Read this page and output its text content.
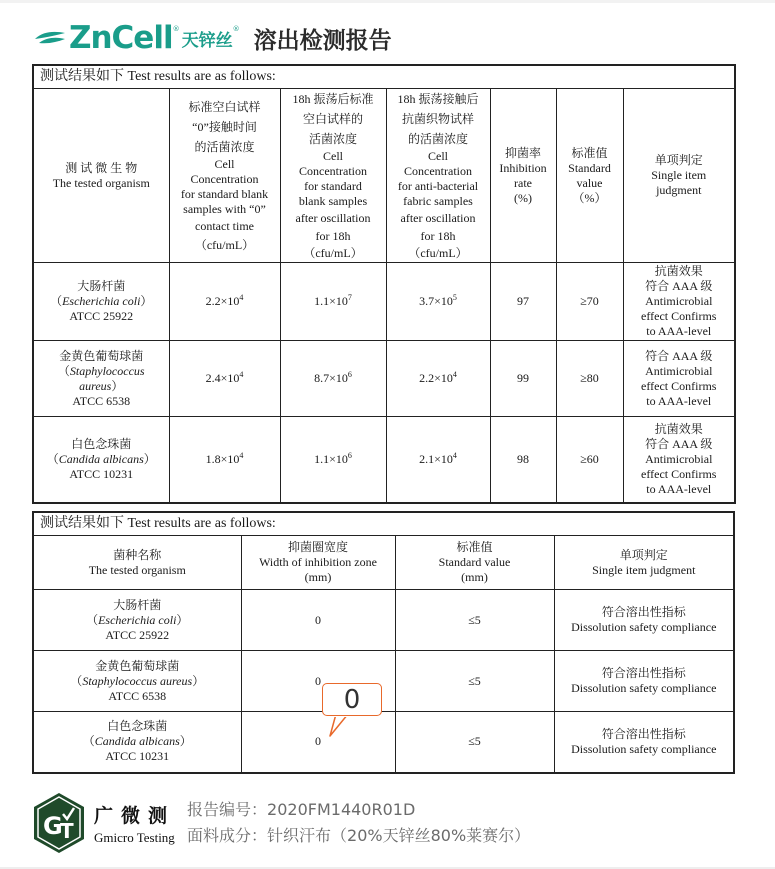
ZnCell ®
天锌丝
® 溶出检测报告
测试结果如下 Test results are as follows:						

测 试 微 生 物
The tested organism

标准空白试样
“0”接触时间
的活菌浓度
Cell
Concentration
for standard blank
samples with “0”
contact time
（cfu/mL）

18h 振荡后标准
空白试样的
活菌浓度
Cell
Concentration
for standard
blank samples
after oscillation
for 18h
（cfu/mL）

18h 振荡接触后
抗菌织物试样
的活菌浓度
Cell
Concentration
for anti-bacterial
fabric samples
after oscillation
for 18h
（cfu/mL）

抑菌率
Inhibition
rate
(%)

标准值
Standard
value
（%）

单项判定
Single item
judgment

大肠杆菌
（Escherichia coli）
ATCC 25922	$2.2\times 10^4$	$1.1\times 10^7$	$3.7\times 10^5$	97	≥70	抗菌效果
符合 AAA 级
Antimicrobial
effect Confirms
to AAA-level

金黄色葡萄球菌
（Staphylococcus
aureus）
ATCC 6538	$2.4\times 10^4$	$8.7\times 10^6$	$2.2\times 10^4$	99	≥80	符合 AAA 级
Antimicrobial
effect Confirms
to AAA-level

白色念珠菌
（Candida albicans）
ATCC 10231	$1.8\times 10^4$	$1.1\times 10^6$	$2.1\times 10^4$	98	≥60	抗菌效果
符合 AAA 级
Antimicrobial
effect Confirms
to AAA-level
测试结果如下 Test results are as follows:			

菌种名称
The tested organism	抑菌圈宽度
Width of inhibition zone
(mm)	标准值
Standard value
(mm)	单项判定
Single item judgment

大肠杆菌
（Escherichia coli）
ATCC 25922	0	≤5	符合溶出性指标
Dissolution safety compliance

金黄色葡萄球菌
（Staphylococcus aureus）
ATCC 6538	0	≤5	符合溶出性指标
Dissolution safety compliance

白色念珠菌
（Candida albicans）
ATCC 10231	0	≤5	符合溶出性指标
Dissolution safety compliance
0
G
T
广微测
Gmicro Testing
报告编号：2020FM1440R01D
面料成分：针织汗布（20%天锌丝80%莱赛尔）
